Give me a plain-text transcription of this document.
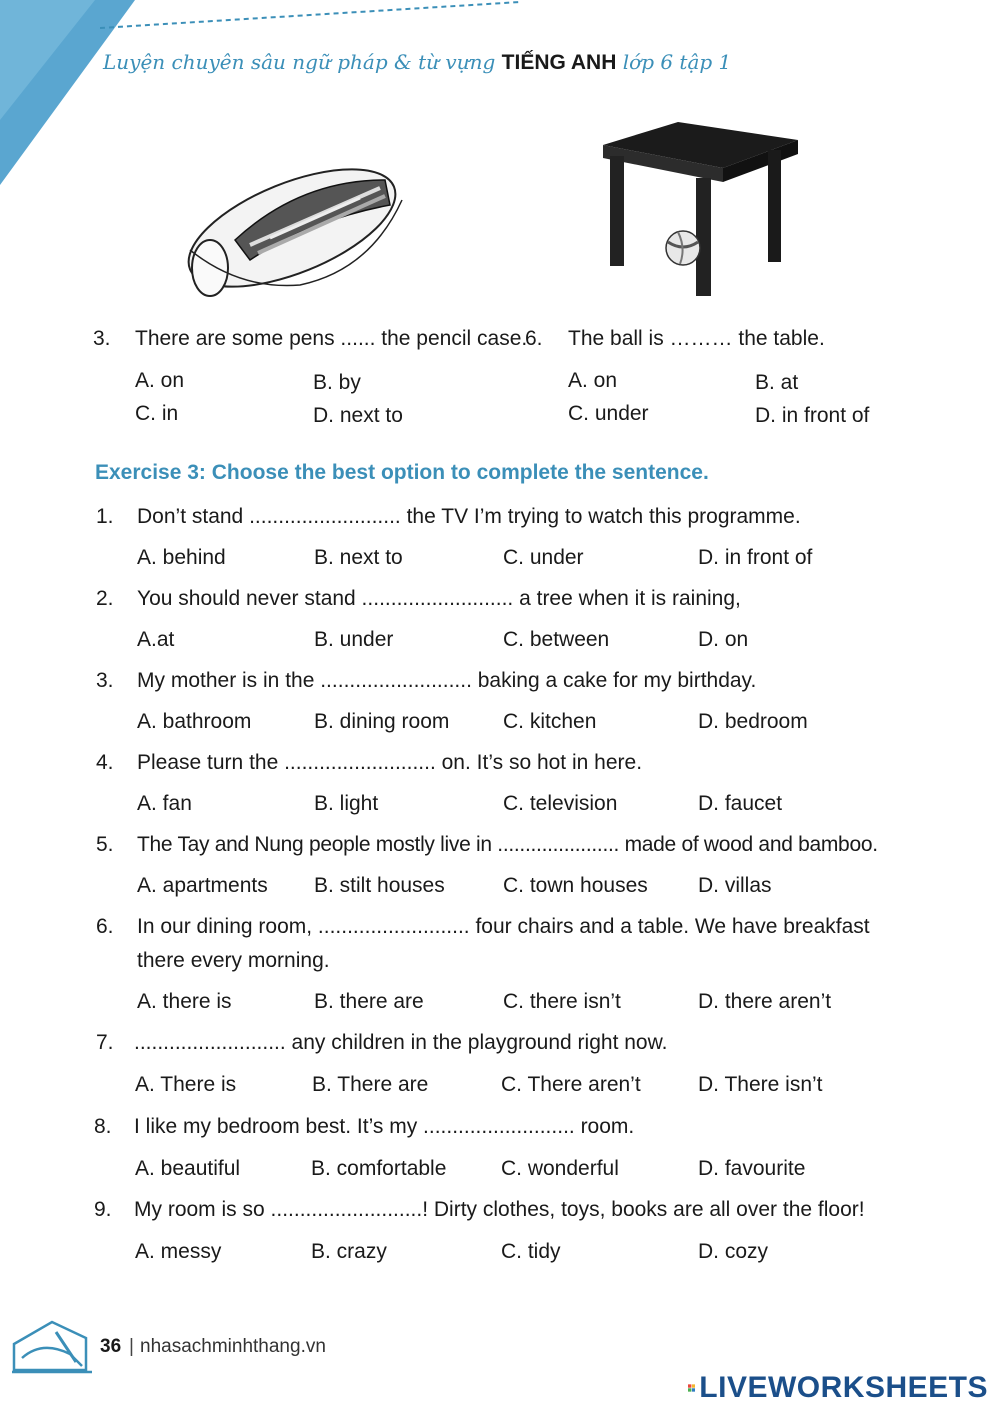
Luyện chuyên sâu ngữ pháp & từ vựng TIẾNG ANH lớp 6 tập 1
3. There are some pens ...... the pencil case.
A. on	B. by
C. in	D. next to
6. The ball is ……… the table.
A. on	B. at
C. under	D. in front of
Exercise 3: Choose the best option to complete the sentence.
1. Don’t stand .......................... the TV I’m trying to watch this programme.
A. behind	B. next to	C. under	D. in front of
2. You should never stand .......................... a tree when it is raining,
A.at	B. under	C. between	D. on
3. My mother is in the .......................... baking a cake for my birthday.
A. bathroom	B. dining room	C. kitchen	D. bedroom
4. Please turn the .......................... on. It’s so hot in here.
A. fan	B. light	C. television	D. faucet
5. The Tay and Nung people mostly live in ...................... made of wood and bamboo.
A. apartments B. stilt houses	C. town houses D. villas
6. In our dining room, .......................... four chairs and a table. We have breakfast
there every morning.
A. there is	B. there are	C. there isn’t	D. there aren’t
7. .......................... any children in the playground right now.
A. There is	B. There are	C. There aren’t	D. There isn’t
8. I like my bedroom best. It’s my .......................... room.
A. beautiful	B. comfortable	C. wonderful	D. favourite
9. My room is so ..........................! Dirty clothes, toys, books are all over the floor!
A. messy	B. crazy	C. tidy	D. cozy
36 | nhasachminhthang.vn
LIVEWORKSHEETS
